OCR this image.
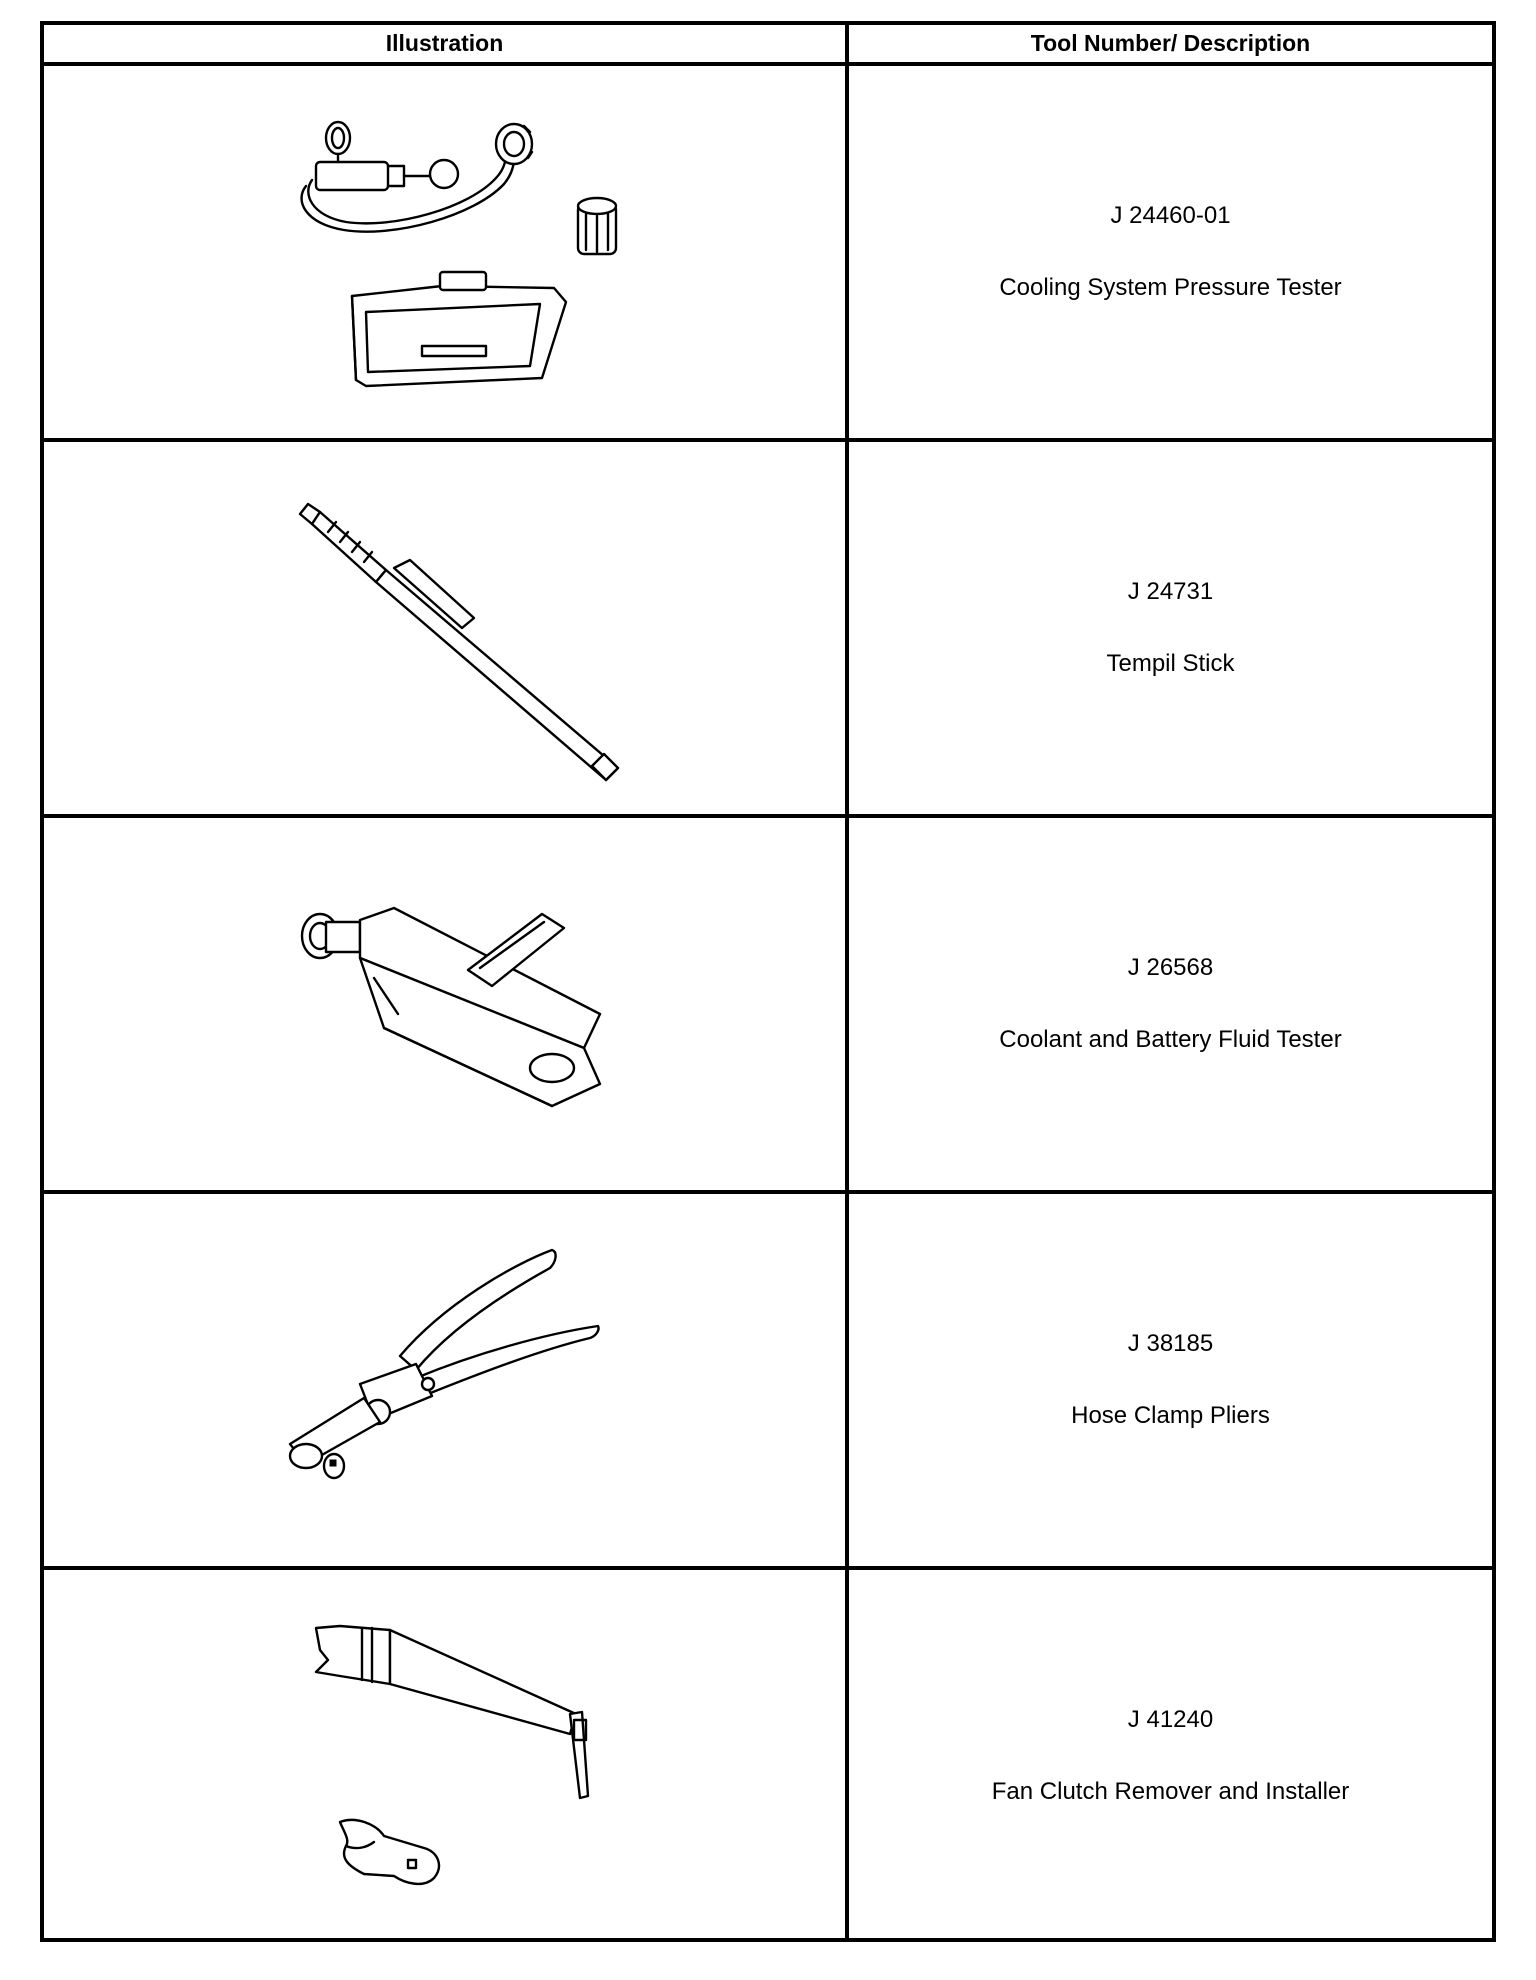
Illustration	Tool Number/ Description
J 24460-01
Cooling System Pressure Tester
J 24731
Tempil Stick
J 26568
Coolant and Battery Fluid Tester
J 38185
Hose Clamp Pliers
J 41240
Fan Clutch Remover and Installer
